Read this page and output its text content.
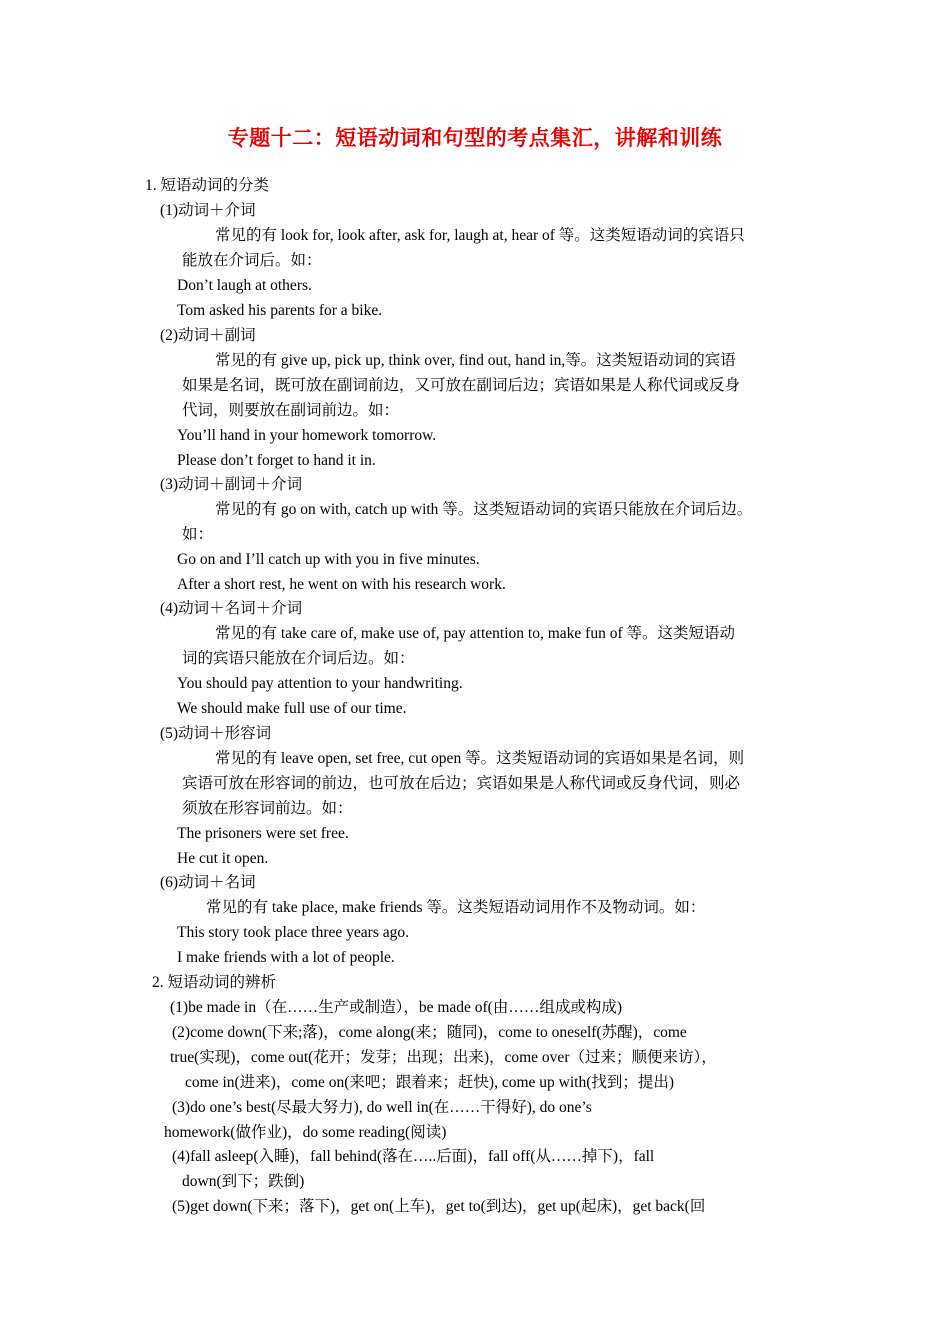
专题十二：短语动词和句型的考点集汇，讲解和训练
1. 短语动词的分类
(1)动词＋介词
常见的有 look for, look after, ask for, laugh at, hear of 等。这类短语动词的宾语只
能放在介词后。如：
Don’t laugh at others.
Tom asked his parents for a bike.
(2)动词＋副词
常见的有 give up, pick up, think over, find out, hand in,等。这类短语动词的宾语
如果是名词，既可放在副词前边，又可放在副词后边；宾语如果是人称代词或反身
代词，则要放在副词前边。如：
You’ll hand in your homework tomorrow.
Please don’t forget to hand it in.
(3)动词＋副词＋介词
常见的有 go on with, catch up with 等。这类短语动词的宾语只能放在介词后边。
如：
Go on and I’ll catch up with you in five minutes.
After a short rest, he went on with his research work.
(4)动词＋名词＋介词
常见的有 take care of, make use of, pay attention to, make fun of 等。这类短语动
词的宾语只能放在介词后边。如：
You should pay attention to your handwriting.
We should make full use of our time.
(5)动词＋形容词
常见的有 leave open, set free, cut open 等。这类短语动词的宾语如果是名词，则
宾语可放在形容词的前边，也可放在后边；宾语如果是人称代词或反身代词，则必
须放在形容词前边。如：
The prisoners were set free.
He cut it open.
(6)动词＋名词
常见的有 take place, make friends 等。这类短语动词用作不及物动词。如：
This story took place three years ago.
I make friends with a lot of people.
2. 短语动词的辨析
(1)be made in（在……生产或制造），be made of(由……组成或构成)
(2)come down(下来;落)，come along(来；随同)，come to oneself(苏醒)，come
true(实现)，come out(花开；发芽；出现；出来)，come over（过来；顺便来访），
come in(进来)，come on(来吧；跟着来；赶快), come up with(找到；提出)
(3)do one’s best(尽最大努力), do well in(在……干得好), do one’s
homework(做作业)，do some reading(阅读)
(4)fall asleep(入睡)，fall behind(落在…..后面)，fall off(从……掉下)，fall
down(到下；跌倒)
(5)get down(下来；落下)，get on(上车)，get to(到达)，get up(起床)，get back(回
